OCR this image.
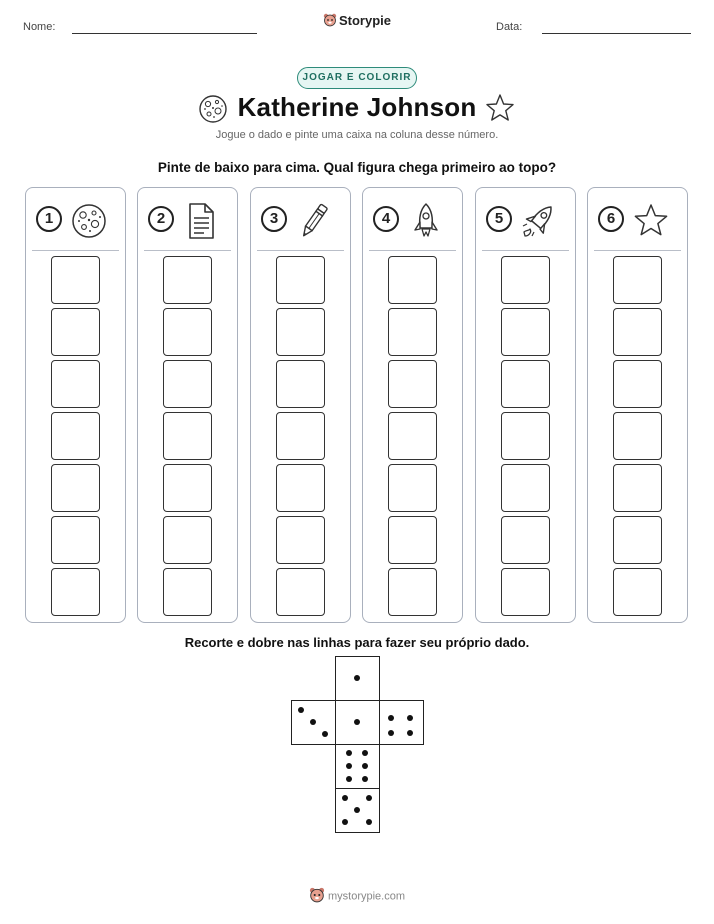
Nome:	Storypie	Data:
JOGAR E COLORIR
Katherine Johnson
Jogue o dado e pinte uma caixa na coluna desse número.
Pinte de baixo para cima. Qual figura chega primeiro ao topo?
1	2	3	4	5	6
Recorte e dobre nas linhas para fazer seu próprio dado.
mystorypie.com
